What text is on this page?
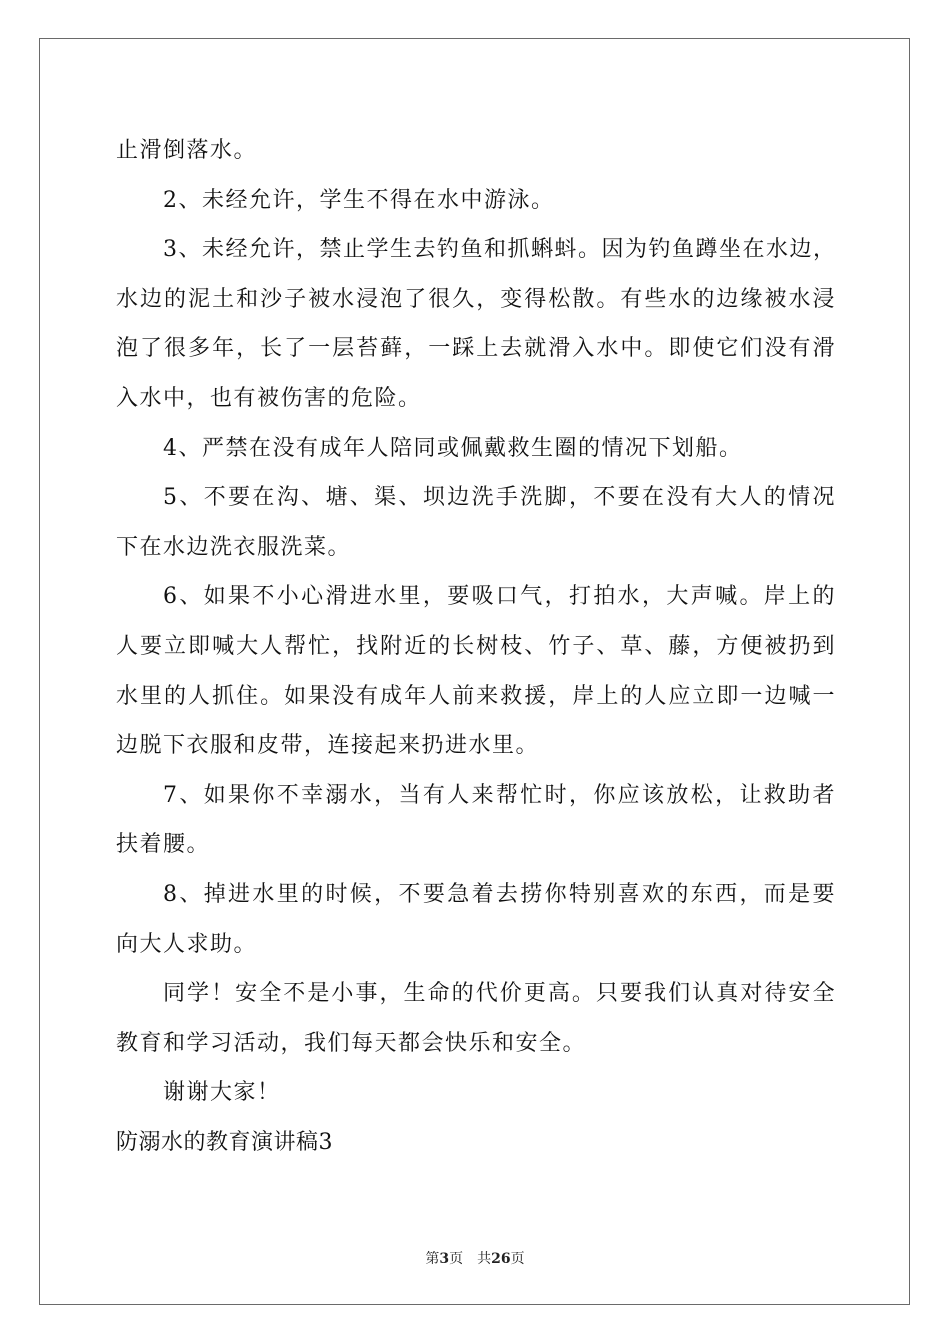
止滑倒落水。
2、未经允许，学生不得在水中游泳。
3、未经允许，禁止学生去钓鱼和抓蝌蚪。因为钓鱼蹲坐在水边，
水边的泥土和沙子被水浸泡了很久，变得松散。有些水的边缘被水浸
泡了很多年，长了一层苔藓，一踩上去就滑入水中。即使它们没有滑
入水中，也有被伤害的危险。
4、严禁在没有成年人陪同或佩戴救生圈的情况下划船。
5、不要在沟、塘、渠、坝边洗手洗脚，不要在没有大人的情况
下在水边洗衣服洗菜。
6、如果不小心滑进水里，要吸口气，打拍水，大声喊。岸上的
人要立即喊大人帮忙，找附近的长树枝、竹子、草、藤，方便被扔到
水里的人抓住。如果没有成年人前来救援，岸上的人应立即一边喊一
边脱下衣服和皮带，连接起来扔进水里。
7、如果你不幸溺水，当有人来帮忙时，你应该放松，让救助者
扶着腰。
8、掉进水里的时候，不要急着去捞你特别喜欢的东西，而是要
向大人求助。
同学！安全不是小事，生命的代价更高。只要我们认真对待安全
教育和学习活动，我们每天都会快乐和安全。
谢谢大家！
防溺水的教育演讲稿3
第3页 共26页
